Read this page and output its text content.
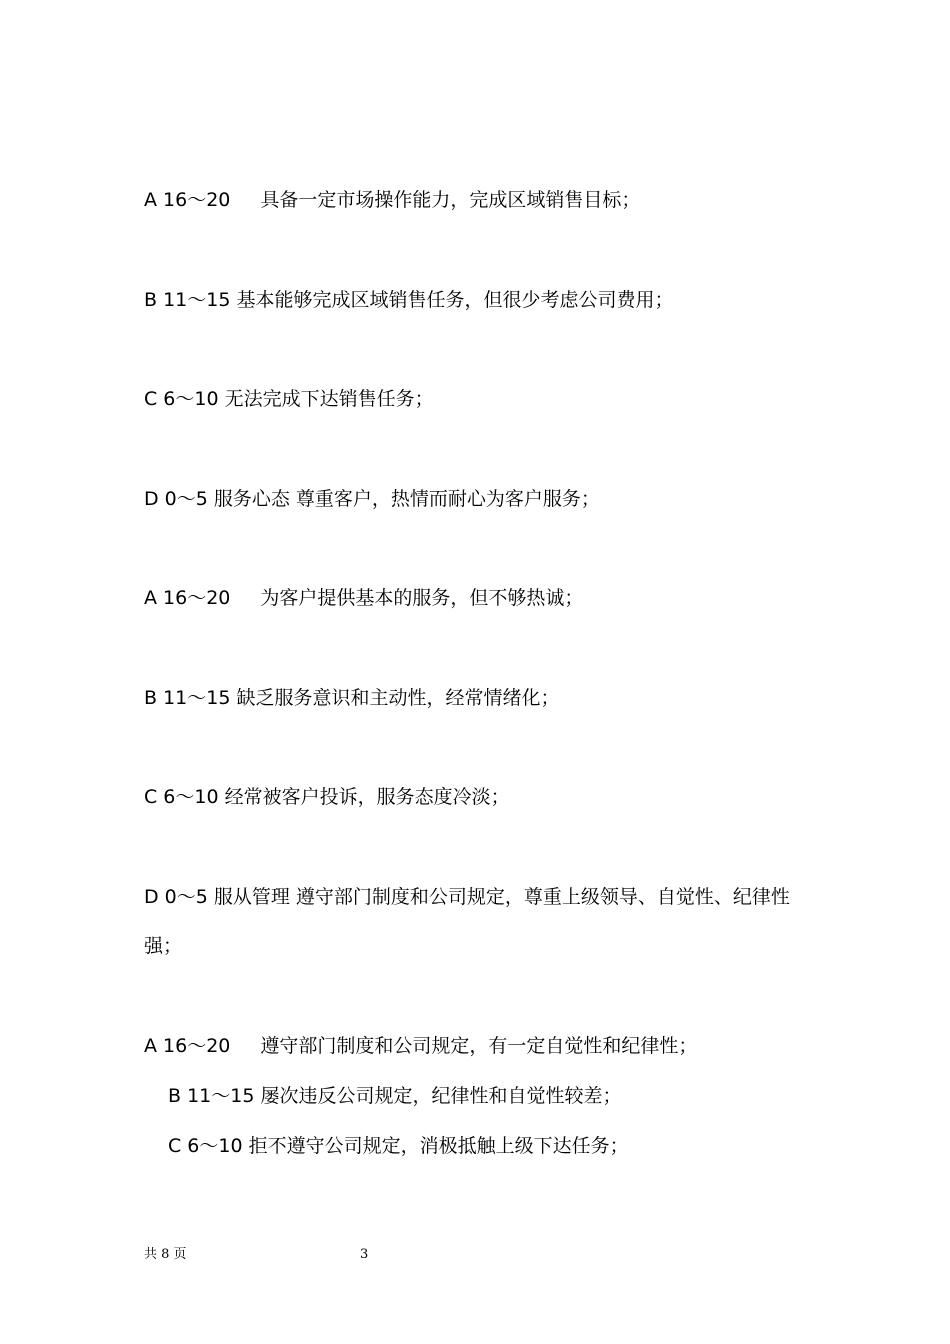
A 16～20 具备一定市场操作能力，完成区域销售目标；
B 11～15 基本能够完成区域销售任务，但很少考虑公司费用；
C 6～10 无法完成下达销售任务；
D 0～5 服务心态 尊重客户，热情而耐心为客户服务；
A 16～20 为客户提供基本的服务，但不够热诚；
B 11～15 缺乏服务意识和主动性，经常情绪化；
C 6～10 经常被客户投诉，服务态度冷淡；
D 0～5 服从管理 遵守部门制度和公司规定，尊重上级领导、自觉性、纪律性
强；
A 16～20 遵守部门制度和公司规定，有一定自觉性和纪律性；
B 11～15 屡次违反公司规定，纪律性和自觉性较差；
C 6～10 拒不遵守公司规定，消极抵触上级下达任务；
共 8 页	3
